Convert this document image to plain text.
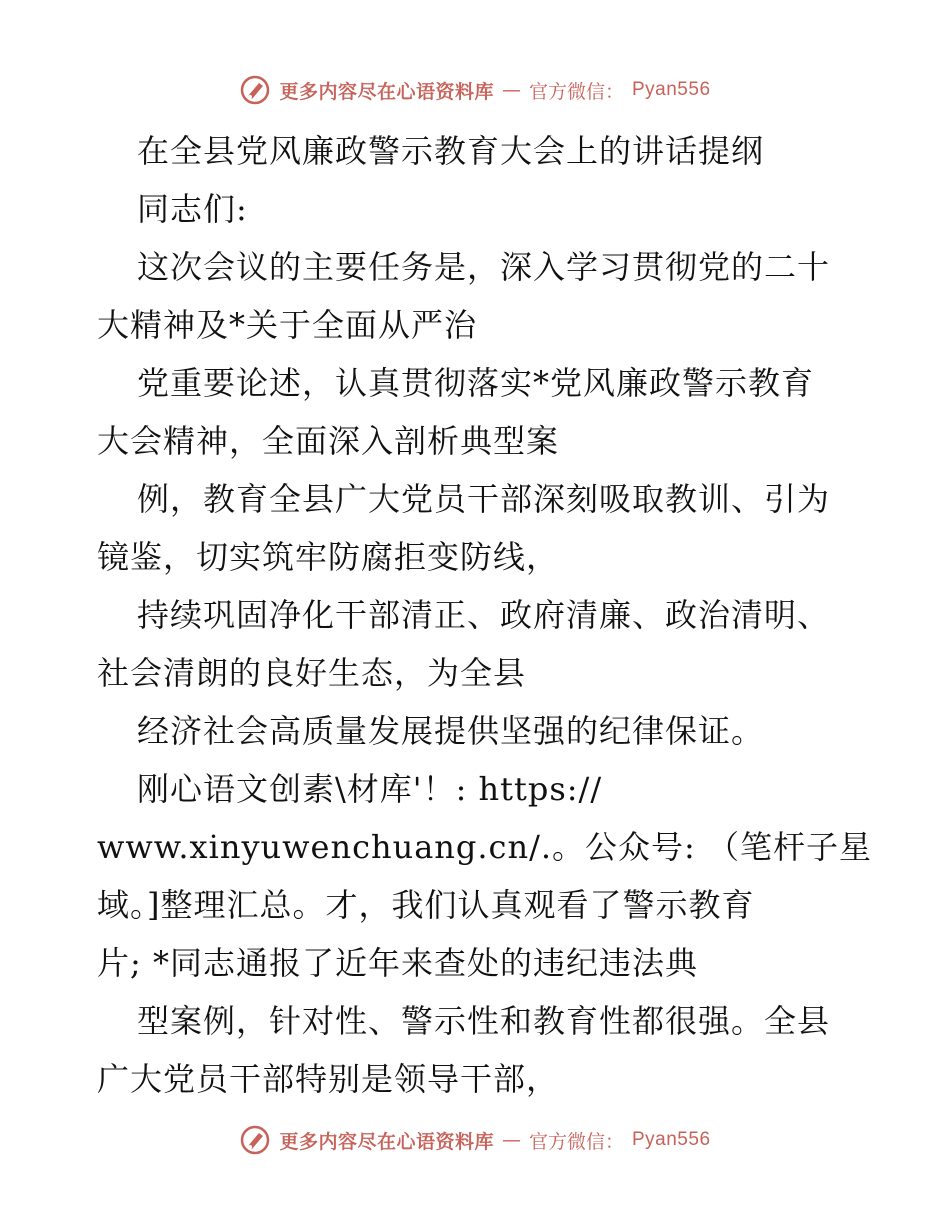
更多内容尽在心语资料库 — 官方微信： Pyan556
在全县党风廉政警示教育大会上的讲话提纲
同志们:
这次会议的主要任务是，深入学习贯彻党的二十
大精神及*关于全面从严治
党重要论述，认真贯彻落实*党风廉政警示教育
大会精神，全面深入剖析典型案
例，教育全县广大党员干部深刻吸取教训、引为
镜鉴，切实筑牢防腐拒变防线，
持续巩固净化干部清正、政府清廉、政治清明、
社会清朗的良好生态，为全县
经济社会高质量发展提供坚强的纪律保证。
刚心语文创素\材库'！: https://
www.xinyuwenchuang.cn/.。公众号: （笔杆子星
域。]整理汇总。才，我们认真观看了警示教育
片; *同志通报了近年来查处的违纪违法典
型案例，针对性、警示性和教育性都很强。全县
广大党员干部特别是领导干部，
更多内容尽在心语资料库 — 官方微信： Pyan556
